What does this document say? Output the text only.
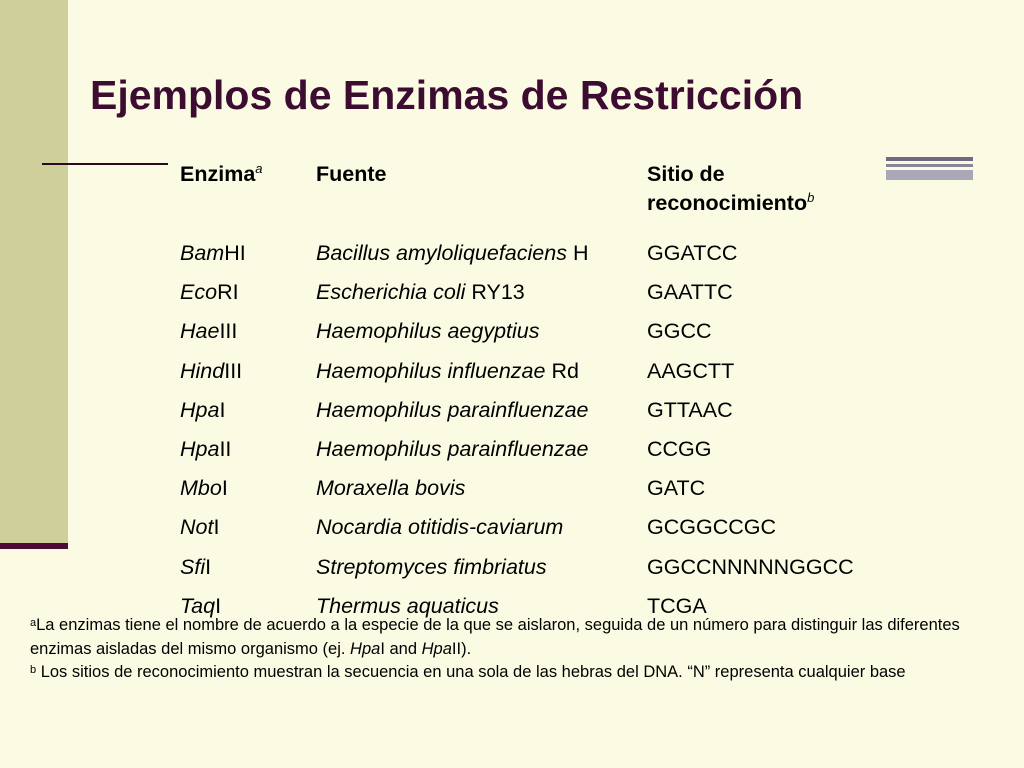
Ejemplos de Enzimas de Restricción
Enzima$^a$	Fuente	Sitio de
reconocimiento$^b$
BamHI	Bacillus amyloliquefaciens H	GGATCC
EcoRI	Escherichia coli RY13	GAATTC
HaeIII	Haemophilus aegyptius	GGCC
HindIII	Haemophilus influenzae Rd	AAGCTT
HpaI	Haemophilus parainfluenzae	GTTAAC
HpaII	Haemophilus parainfluenzae	CCGG
MboI	Moraxella bovis	GATC
NotI	Nocardia otitidis-caviarum	GCGGCCGC
SfiI	Streptomyces fimbriatus	GGCCNNNNNGGCC
TaqI	Thermus aquaticus	TCGA

$^a$La enzimas tiene el nombre de acuerdo a la especie de la que se aislaron, seguida de un número para distinguir las diferentes enzimas aisladas del mismo organismo (ej. HpaI and HpaII).

$^b$ Los sitios de reconocimiento muestran la secuencia en una sola de las hebras del DNA. “N” representa cualquier base
